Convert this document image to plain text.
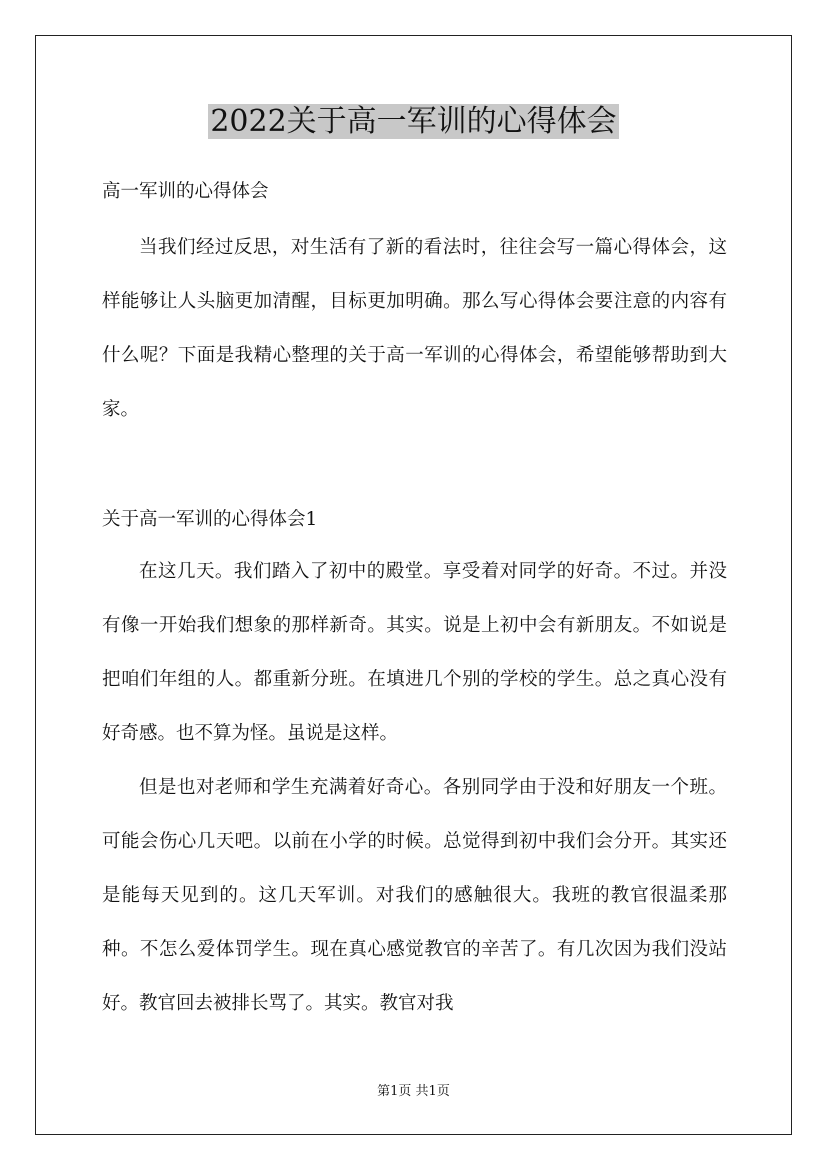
2022关于高一军训的心得体会
高一军训的心得体会

当我们经过反思，对生活有了新的看法时，往往会写一篇心得体会，这样能够让人头脑更加清醒，目标更加明确。那么写心得体会要注意的内容有什么呢？下面是我精心整理的关于高一军训的心得体会，希望能够帮助到大家。

关于高一军训的心得体会1

在这几天。我们踏入了初中的殿堂。享受着对同学的好奇。不过。并没有像一开始我们想象的那样新奇。其实。说是上初中会有新朋友。不如说是把咱们年组的人。都重新分班。在填进几个别的学校的学生。总之真心没有好奇感。也不算为怪。虽说是这样。

但是也对老师和学生充满着好奇心。各别同学由于没和好朋友一个班。可能会伤心几天吧。以前在小学的时候。总觉得到初中我们会分开。其实还是能每天见到的。这几天军训。对我们的感触很大。我班的教官很温柔那种。不怎么爱体罚学生。现在真心感觉教官的辛苦了。有几次因为我们没站好。教官回去被排长骂了。其实。教官对我

第1页 共1页
